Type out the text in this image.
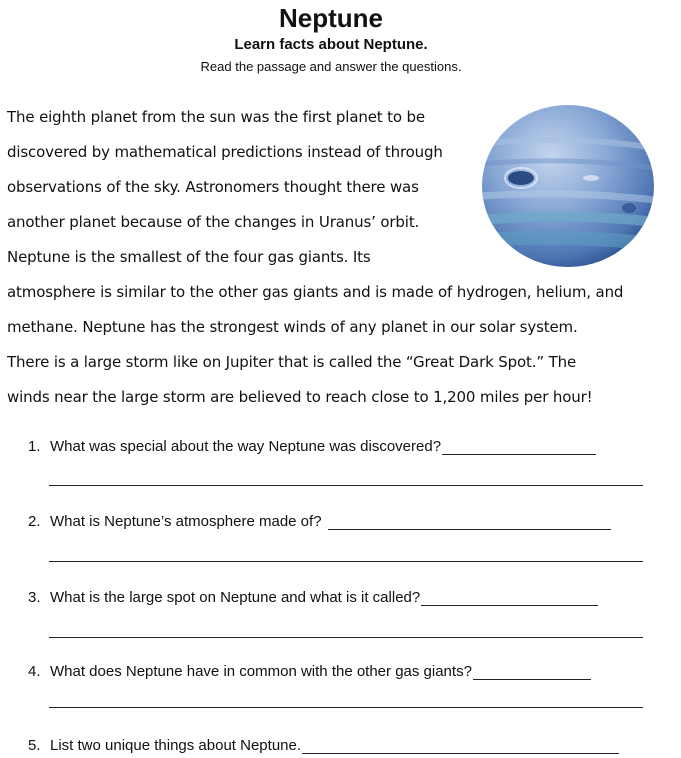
Neptune
Learn facts about Neptune.
Read the passage and answer the questions.
The eighth planet from the sun was the first planet to be
discovered by mathematical predictions instead of through
observations of the sky. Astronomers thought there was
another planet because of the changes in Uranus’ orbit.
Neptune is the smallest of the four gas giants. Its
atmosphere is similar to the other gas giants and is made of hydrogen, helium, and
methane. Neptune has the strongest winds of any planet in our solar system.
There is a large storm like on Jupiter that is called the “Great Dark Spot.” The
winds near the large storm are believed to reach close to 1,200 miles per hour!
1. What was special about the way Neptune was discovered?
2. What is Neptune’s atmosphere made of?
3. What is the large spot on Neptune and what is it called?
4. What does Neptune have in common with the other gas giants?
5. List two unique things about Neptune.
